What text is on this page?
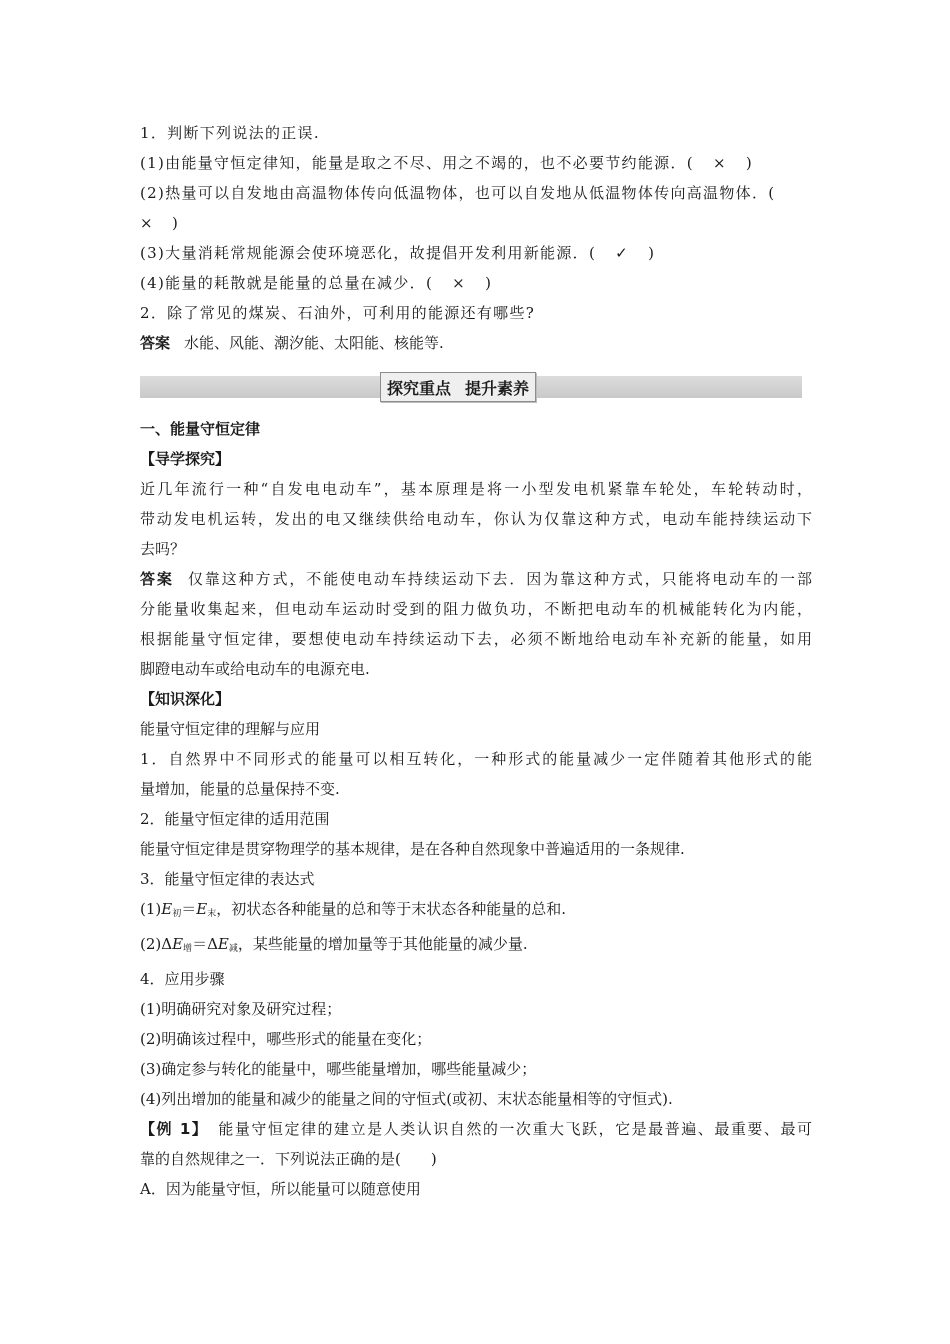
1．判断下列说法的正误.
(1)由能量守恒定律知，能量是取之不尽、用之不竭的，也不必要节约能源．( × )
(2)热量可以自发地由高温物体传向低温物体，也可以自发地从低温物体传向高温物体．(
× )
(3)大量消耗常规能源会使环境恶化，故提倡开发利用新能源．( ✓ )
(4)能量的耗散就是能量的总量在减少．( × )
2．除了常见的煤炭、石油外，可利用的能源还有哪些?
答案 水能、风能、潮汐能、太阳能、核能等.
探究重点 提升素养
一、能量守恒定律
【导学探究】
近几年流行一种“自发电电动车”，基本原理是将一小型发电机紧靠车轮处，车轮转动时，
带动发电机运转，发出的电又继续供给电动车，你认为仅靠这种方式，电动车能持续运动下
去吗？
答案 仅靠这种方式，不能使电动车持续运动下去．因为靠这种方式，只能将电动车的一部
分能量收集起来，但电动车运动时受到的阻力做负功，不断把电动车的机械能转化为内能，
根据能量守恒定律，要想使电动车持续运动下去，必须不断地给电动车补充新的能量，如用
脚蹬电动车或给电动车的电源充电.
【知识深化】
能量守恒定律的理解与应用
1．自然界中不同形式的能量可以相互转化，一种形式的能量减少一定伴随着其他形式的能
量增加，能量的总量保持不变.
2．能量守恒定律的适用范围
能量守恒定律是贯穿物理学的基本规律，是在各种自然现象中普遍适用的一条规律.
3．能量守恒定律的表达式
$(1)E_初=E_末$，初状态各种能量的总和等于末状态各种能量的总和.
$(2)\Delta E_增=\Delta E_减$，某些能量的增加量等于其他能量的减少量.
4．应用步骤
(1)明确研究对象及研究过程；
(2)明确该过程中，哪些形式的能量在变化；
(3)确定参与转化的能量中，哪些能量增加，哪些能量减少；
(4)列出增加的能量和减少的能量之间的守恒式(或初、末状态能量相等的守恒式).
【例 1】 能量守恒定律的建立是人类认识自然的一次重大飞跃，它是最普遍、最重要、最可
靠的自然规律之一．下列说法正确的是( )
A．因为能量守恒，所以能量可以随意使用
